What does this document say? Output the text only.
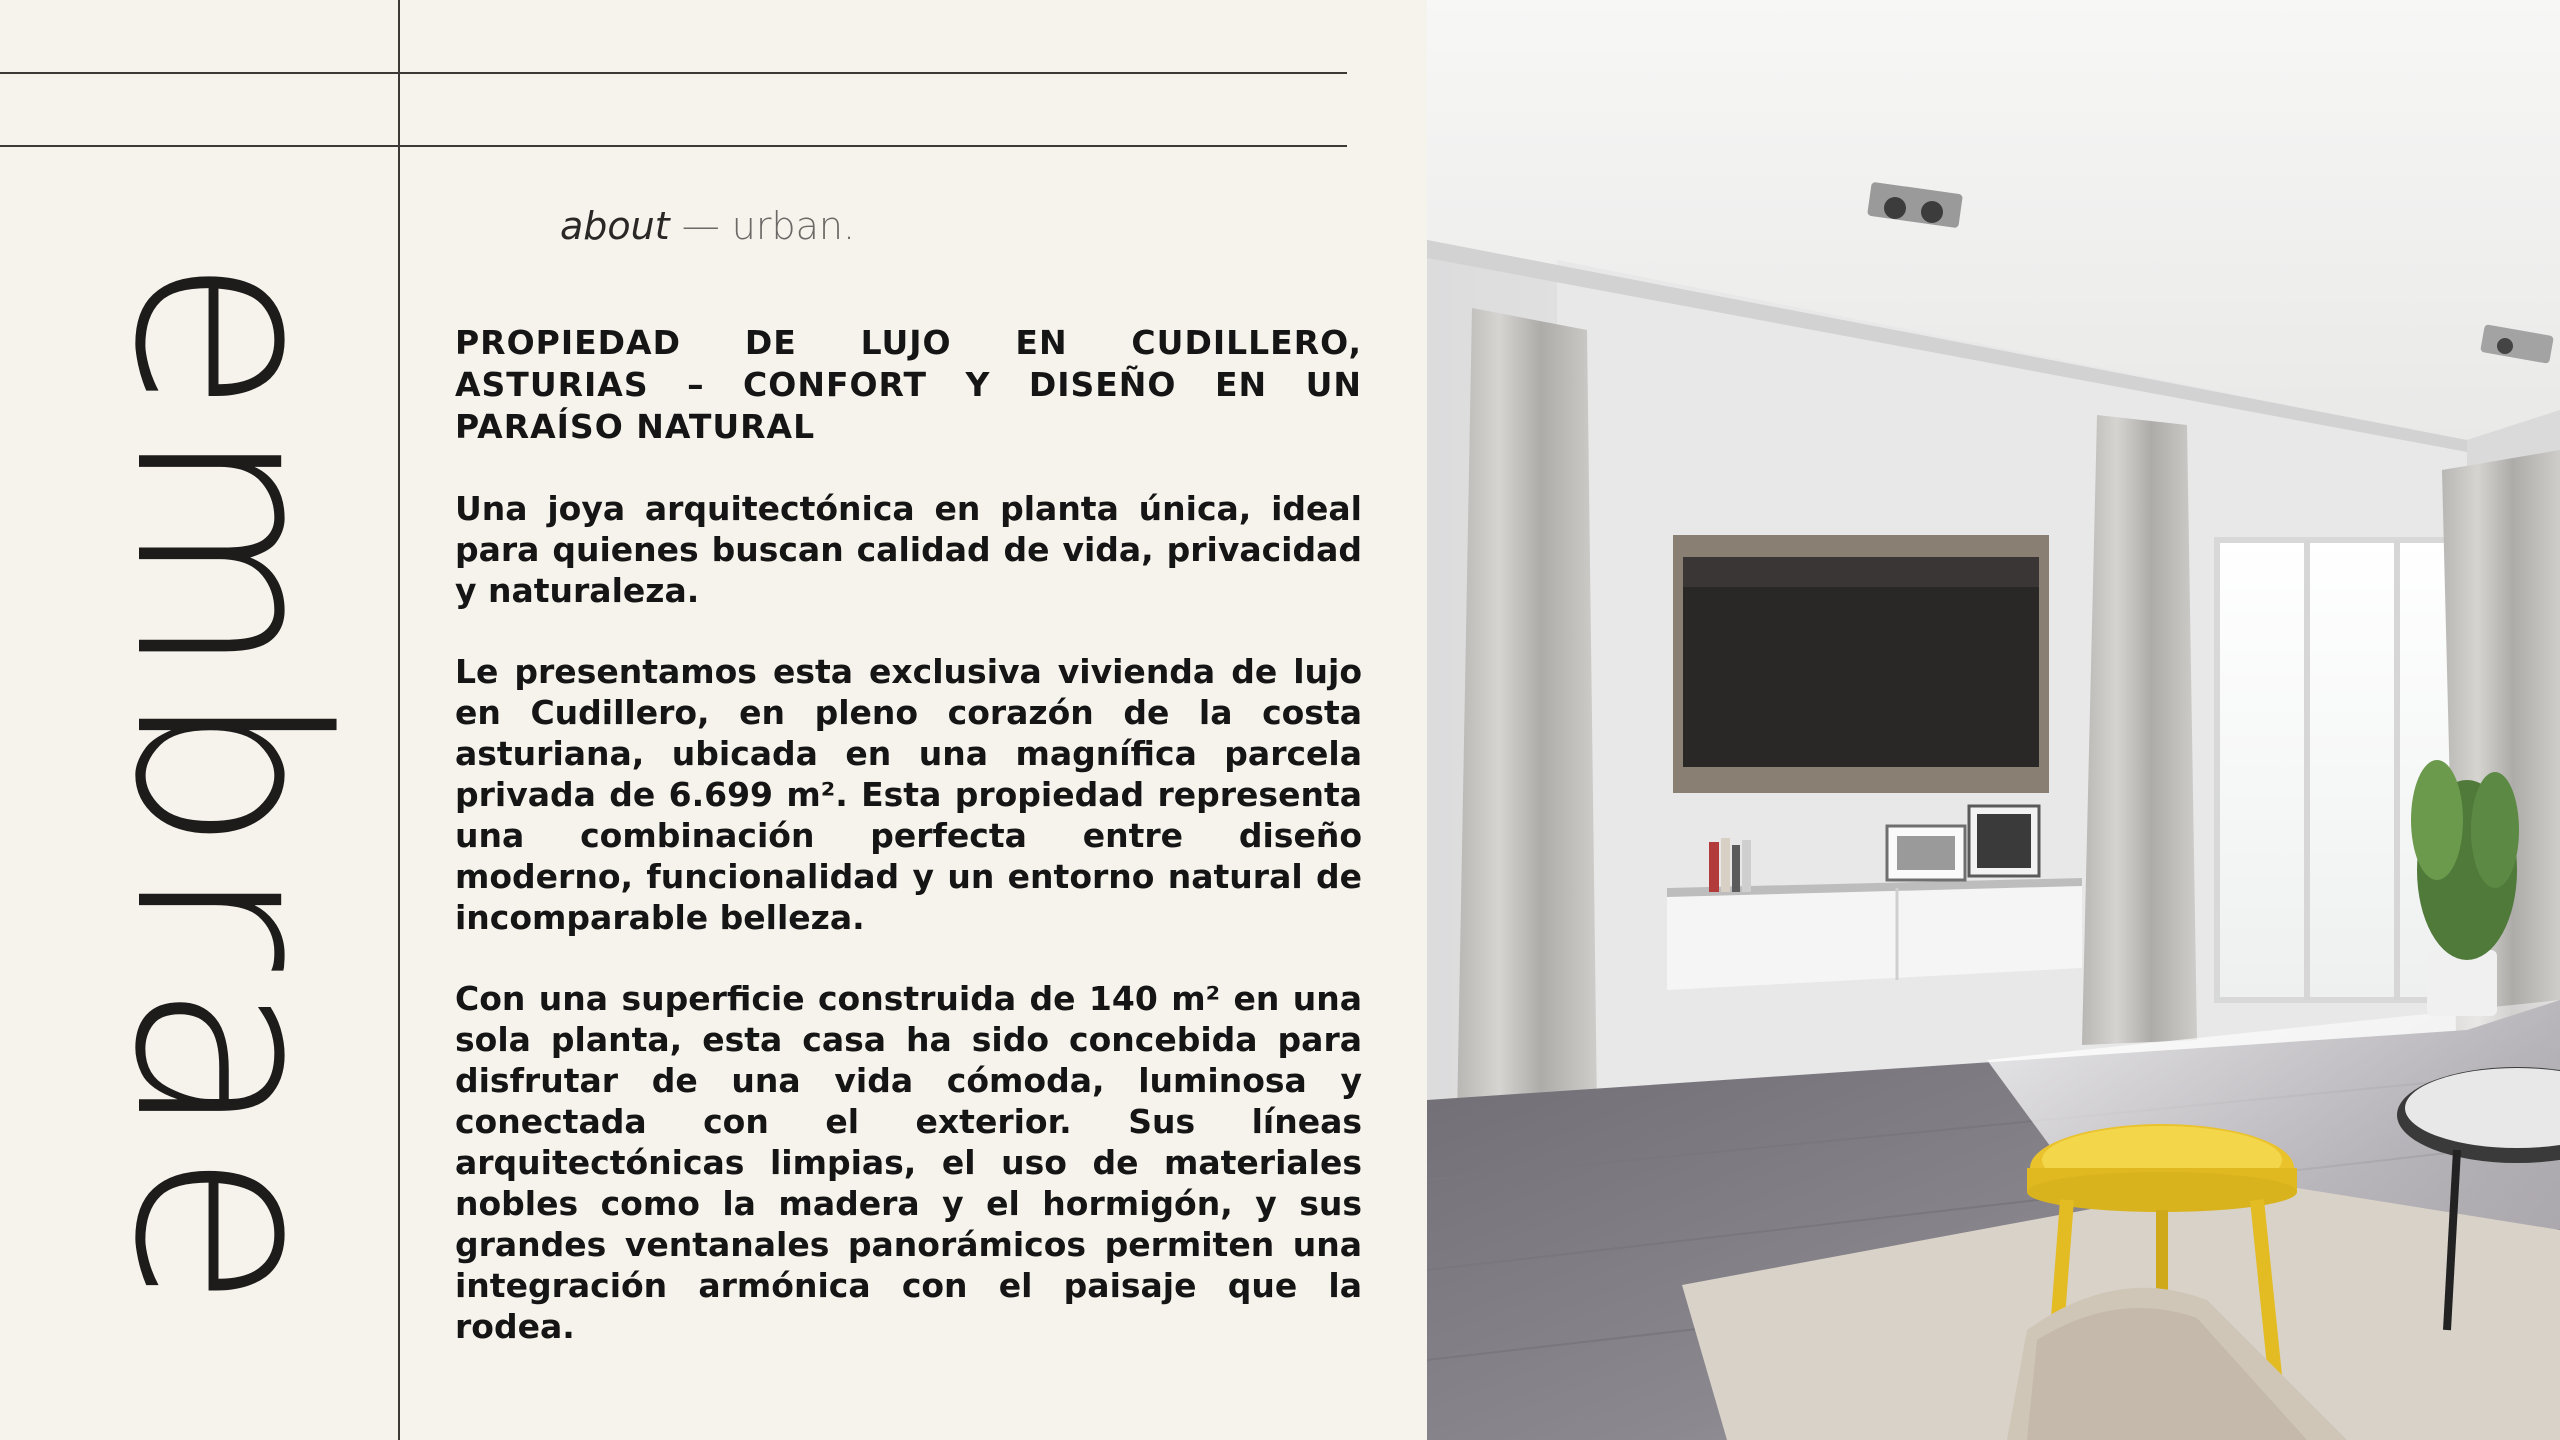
embrae
about — urban.
PROPIEDAD DE LUJO EN CUDILLERO, ASTURIAS – CONFORT Y DISEÑO EN UN PARAÍSO NATURAL

Una joya arquitectónica en planta única, ideal para quienes buscan calidad de vida, privacidad y naturaleza.

Le presentamos esta exclusiva vivienda de lujo en Cudillero, en pleno corazón de la costa asturiana, ubicada en una magnífica parcela privada de 6.699 m². Esta propiedad representa una combinación perfecta entre diseño moderno, funcionalidad y un entorno natural de incomparable belleza.

Con una superficie construida de 140 m² en una sola planta, esta casa ha sido concebida para disfrutar de una vida cómoda, luminosa y conectada con el exterior. Sus líneas arquitectónicas limpias, el uso de materiales nobles como la madera y el hormigón, y sus grandes ventanales panorámicos permiten una integración armónica con el paisaje que la rodea.
